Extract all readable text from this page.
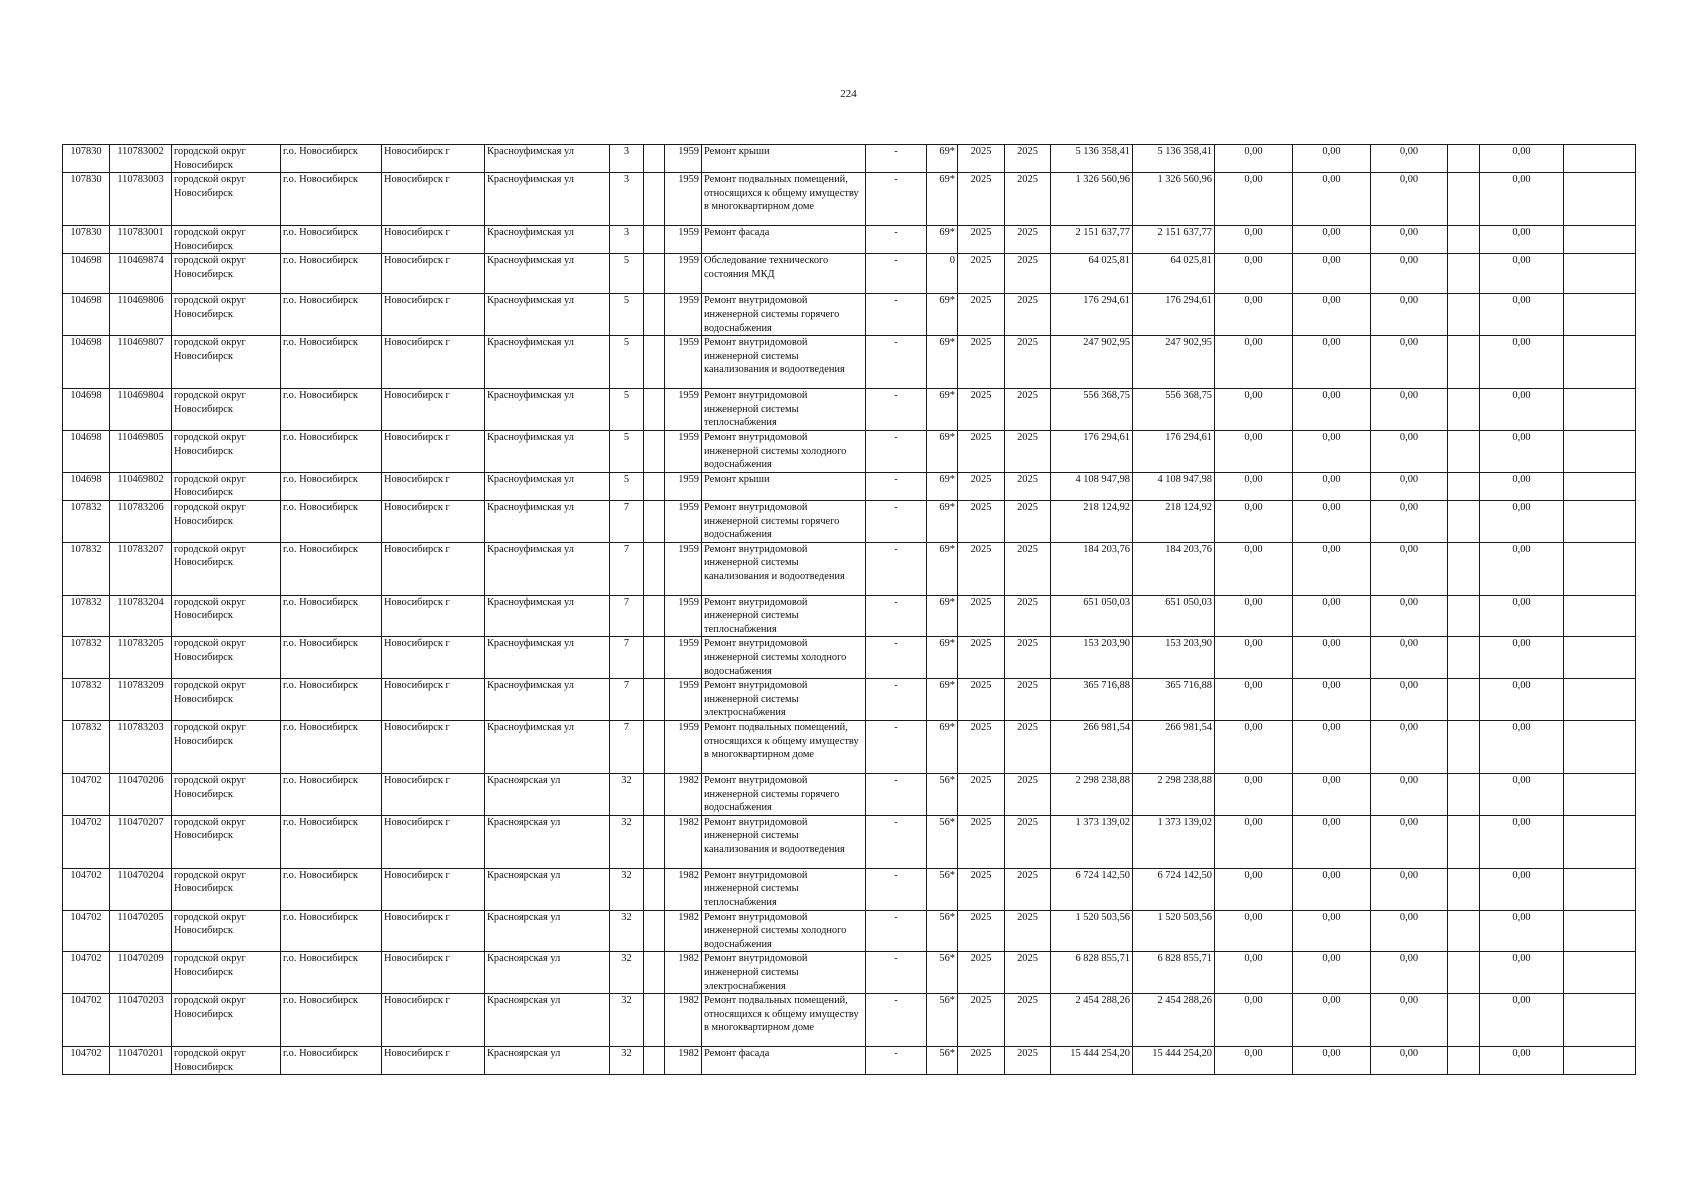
224
107830	110783002	городской округ Новосибирск	г.о. Новосибирск	Новосибирск г	Красноуфимская ул	3		1959	Ремонт крыши	-	69*	2025	2025	5 136 358,41	5 136 358,41	0,00	0,00	0,00		0,00	
107830	110783003	городской округ Новосибирск	г.о. Новосибирск	Новосибирск г	Красноуфимская ул	3		1959	Ремонт подвальных помещений, относящихся к общему имуществу в многоквартирном доме	-	69*	2025	2025	1 326 560,96	1 326 560,96	0,00	0,00	0,00		0,00	
107830	110783001	городской округ Новосибирск	г.о. Новосибирск	Новосибирск г	Красноуфимская ул	3		1959	Ремонт фасада	-	69*	2025	2025	2 151 637,77	2 151 637,77	0,00	0,00	0,00		0,00	
104698	110469874	городской округ Новосибирск	г.о. Новосибирск	Новосибирск г	Красноуфимская ул	5		1959	Обследование технического состояния МКД	-	0	2025	2025	64 025,81	64 025,81	0,00	0,00	0,00		0,00	
104698	110469806	городской округ Новосибирск	г.о. Новосибирск	Новосибирск г	Красноуфимская ул	5		1959	Ремонт внутридомовой инженерной системы горячего водоснабжения	-	69*	2025	2025	176 294,61	176 294,61	0,00	0,00	0,00		0,00	
104698	110469807	городской округ Новосибирск	г.о. Новосибирск	Новосибирск г	Красноуфимская ул	5		1959	Ремонт внутридомовой инженерной системы канализования и водоотведения	-	69*	2025	2025	247 902,95	247 902,95	0,00	0,00	0,00		0,00	
104698	110469804	городской округ Новосибирск	г.о. Новосибирск	Новосибирск г	Красноуфимская ул	5		1959	Ремонт внутридомовой инженерной системы теплоснабжения	-	69*	2025	2025	556 368,75	556 368,75	0,00	0,00	0,00		0,00	
104698	110469805	городской округ Новосибирск	г.о. Новосибирск	Новосибирск г	Красноуфимская ул	5		1959	Ремонт внутридомовой инженерной системы холодного водоснабжения	-	69*	2025	2025	176 294,61	176 294,61	0,00	0,00	0,00		0,00	
104698	110469802	городской округ Новосибирск	г.о. Новосибирск	Новосибирск г	Красноуфимская ул	5		1959	Ремонт крыши	-	69*	2025	2025	4 108 947,98	4 108 947,98	0,00	0,00	0,00		0,00	
107832	110783206	городской округ Новосибирск	г.о. Новосибирск	Новосибирск г	Красноуфимская ул	7		1959	Ремонт внутридомовой инженерной системы горячего водоснабжения	-	69*	2025	2025	218 124,92	218 124,92	0,00	0,00	0,00		0,00	
107832	110783207	городской округ Новосибирск	г.о. Новосибирск	Новосибирск г	Красноуфимская ул	7		1959	Ремонт внутридомовой инженерной системы канализования и водоотведения	-	69*	2025	2025	184 203,76	184 203,76	0,00	0,00	0,00		0,00	
107832	110783204	городской округ Новосибирск	г.о. Новосибирск	Новосибирск г	Красноуфимская ул	7		1959	Ремонт внутридомовой инженерной системы теплоснабжения	-	69*	2025	2025	651 050,03	651 050,03	0,00	0,00	0,00		0,00	
107832	110783205	городской округ Новосибирск	г.о. Новосибирск	Новосибирск г	Красноуфимская ул	7		1959	Ремонт внутридомовой инженерной системы холодного водоснабжения	-	69*	2025	2025	153 203,90	153 203,90	0,00	0,00	0,00		0,00	
107832	110783209	городской округ Новосибирск	г.о. Новосибирск	Новосибирск г	Красноуфимская ул	7		1959	Ремонт внутридомовой инженерной системы электроснабжения	-	69*	2025	2025	365 716,88	365 716,88	0,00	0,00	0,00		0,00	
107832	110783203	городской округ Новосибирск	г.о. Новосибирск	Новосибирск г	Красноуфимская ул	7		1959	Ремонт подвальных помещений, относящихся к общему имуществу в многоквартирном доме	-	69*	2025	2025	266 981,54	266 981,54	0,00	0,00	0,00		0,00	
104702	110470206	городской округ Новосибирск	г.о. Новосибирск	Новосибирск г	Красноярская ул	32		1982	Ремонт внутридомовой инженерной системы горячего водоснабжения	-	56*	2025	2025	2 298 238,88	2 298 238,88	0,00	0,00	0,00		0,00	
104702	110470207	городской округ Новосибирск	г.о. Новосибирск	Новосибирск г	Красноярская ул	32		1982	Ремонт внутридомовой инженерной системы канализования и водоотведения	-	56*	2025	2025	1 373 139,02	1 373 139,02	0,00	0,00	0,00		0,00	
104702	110470204	городской округ Новосибирск	г.о. Новосибирск	Новосибирск г	Красноярская ул	32		1982	Ремонт внутридомовой инженерной системы теплоснабжения	-	56*	2025	2025	6 724 142,50	6 724 142,50	0,00	0,00	0,00		0,00	
104702	110470205	городской округ Новосибирск	г.о. Новосибирск	Новосибирск г	Красноярская ул	32		1982	Ремонт внутридомовой инженерной системы холодного водоснабжения	-	56*	2025	2025	1 520 503,56	1 520 503,56	0,00	0,00	0,00		0,00	
104702	110470209	городской округ Новосибирск	г.о. Новосибирск	Новосибирск г	Красноярская ул	32		1982	Ремонт внутридомовой инженерной системы электроснабжения	-	56*	2025	2025	6 828 855,71	6 828 855,71	0,00	0,00	0,00		0,00	
104702	110470203	городской округ Новосибирск	г.о. Новосибирск	Новосибирск г	Красноярская ул	32		1982	Ремонт подвальных помещений, относящихся к общему имуществу в многоквартирном доме	-	56*	2025	2025	2 454 288,26	2 454 288,26	0,00	0,00	0,00		0,00	
104702	110470201	городской округ Новосибирск	г.о. Новосибирск	Новосибирск г	Красноярская ул	32		1982	Ремонт фасада	-	56*	2025	2025	15 444 254,20	15 444 254,20	0,00	0,00	0,00		0,00	
